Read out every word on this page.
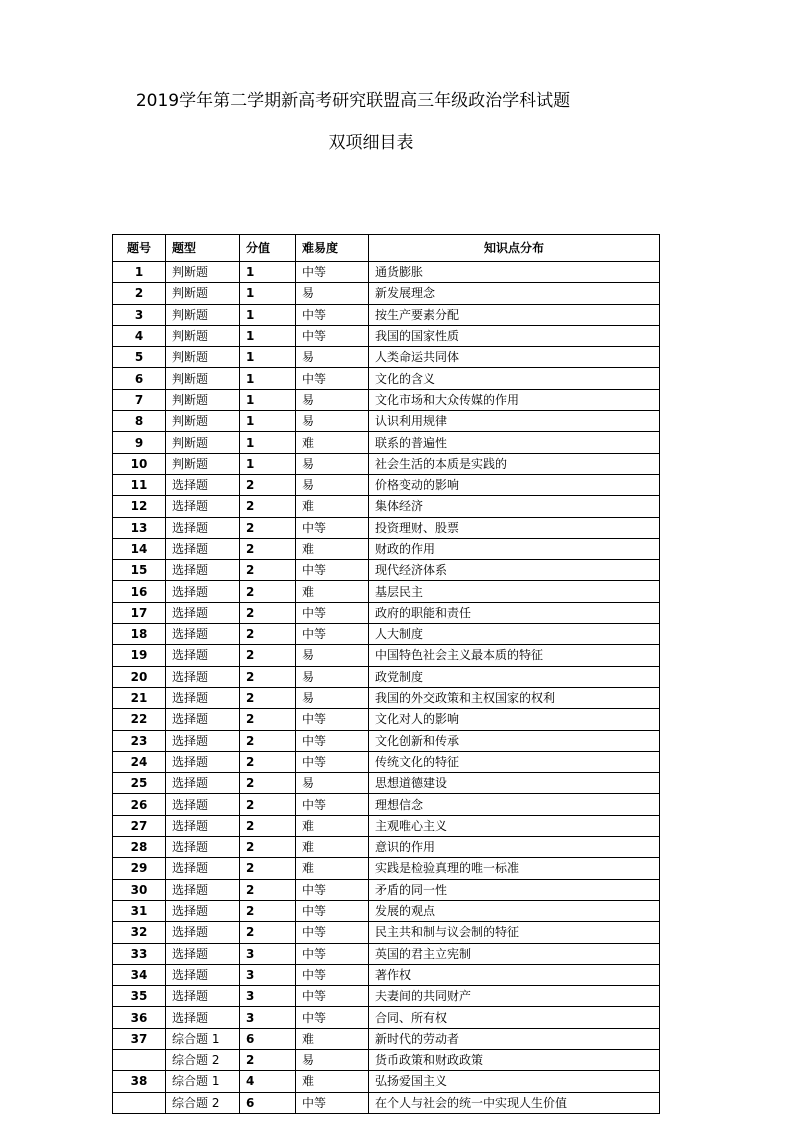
2019学年第二学期新高考研究联盟高三年级政治学科试题
双项细目表
题号	题型	分值	难易度	知识点分布
1	判断题	1	中等	通货膨胀
2	判断题	1	易	新发展理念
3	判断题	1	中等	按生产要素分配
4	判断题	1	中等	我国的国家性质
5	判断题	1	易	人类命运共同体
6	判断题	1	中等	文化的含义
7	判断题	1	易	文化市场和大众传媒的作用
8	判断题	1	易	认识利用规律
9	判断题	1	难	联系的普遍性
10	判断题	1	易	社会生活的本质是实践的
11	选择题	2	易	价格变动的影响
12	选择题	2	难	集体经济
13	选择题	2	中等	投资理财、股票
14	选择题	2	难	财政的作用
15	选择题	2	中等	现代经济体系
16	选择题	2	难	基层民主
17	选择题	2	中等	政府的职能和责任
18	选择题	2	中等	人大制度
19	选择题	2	易	中国特色社会主义最本质的特征
20	选择题	2	易	政党制度
21	选择题	2	易	我国的外交政策和主权国家的权利
22	选择题	2	中等	文化对人的影响
23	选择题	2	中等	文化创新和传承
24	选择题	2	中等	传统文化的特征
25	选择题	2	易	思想道德建设
26	选择题	2	中等	理想信念
27	选择题	2	难	主观唯心主义
28	选择题	2	难	意识的作用
29	选择题	2	难	实践是检验真理的唯一标准
30	选择题	2	中等	矛盾的同一性
31	选择题	2	中等	发展的观点
32	选择题	2	中等	民主共和制与议会制的特征
33	选择题	3	中等	英国的君主立宪制
34	选择题	3	中等	著作权
35	选择题	3	中等	夫妻间的共同财产
36	选择题	3	中等	合同、所有权
37	综合题 1	6	难	新时代的劳动者
	综合题 2	2	易	货币政策和财政政策
38	综合题 1	4	难	弘扬爱国主义
	综合题 2	6	中等	在个人与社会的统一中实现人生价值
